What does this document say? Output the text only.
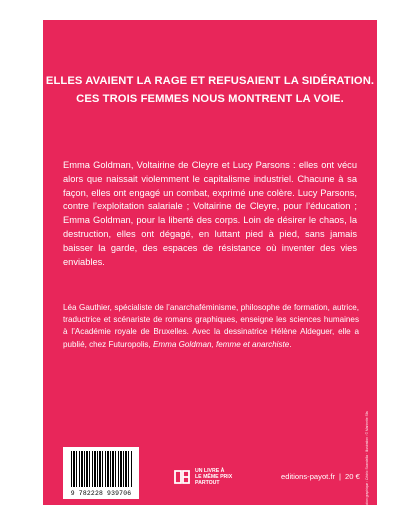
ELLES AVAIENT LA RAGE ET REFUSAIENT LA SIDÉRATION.
CES TROIS FEMMES NOUS MONTRENT LA VOIE.

Emma Goldman, Voltairine de Cleyre et Lucy Parsons : elles ont vécu alors que naissait violemment le capitalisme industriel. Chacune à sa façon, elles ont engagé un combat, exprimé une colère. Lucy Parsons, contre l’exploitation salariale ; Voltairine de Cleyre, pour l’éducation ; Emma Goldman, pour la liberté des corps. Loin de désirer le chaos, la destruction, elles ont dégagé, en luttant pied à pied, sans jamais baisser la garde, des espaces de résistance où inventer des vies enviables.

Léa Gauthier, spécialiste de l’anarchaféminisme, philosophe de formation, autrice, traductrice et scénariste de romans graphiques, enseigne les sciences humaines à l’Académie royale de Bruxelles. Avec la dessinatrice Hélène Aldeguer, elle a publié, chez Futuropolis, Emma Goldman, femme et anarchiste.

Conception graphique : Cédric Scandella · Illustration : © Marinette Sfa
9 782228 939706

UN LIVRE À
LE MÊME PRIX
PARTOUT

editions-payot.fr | 20 €
